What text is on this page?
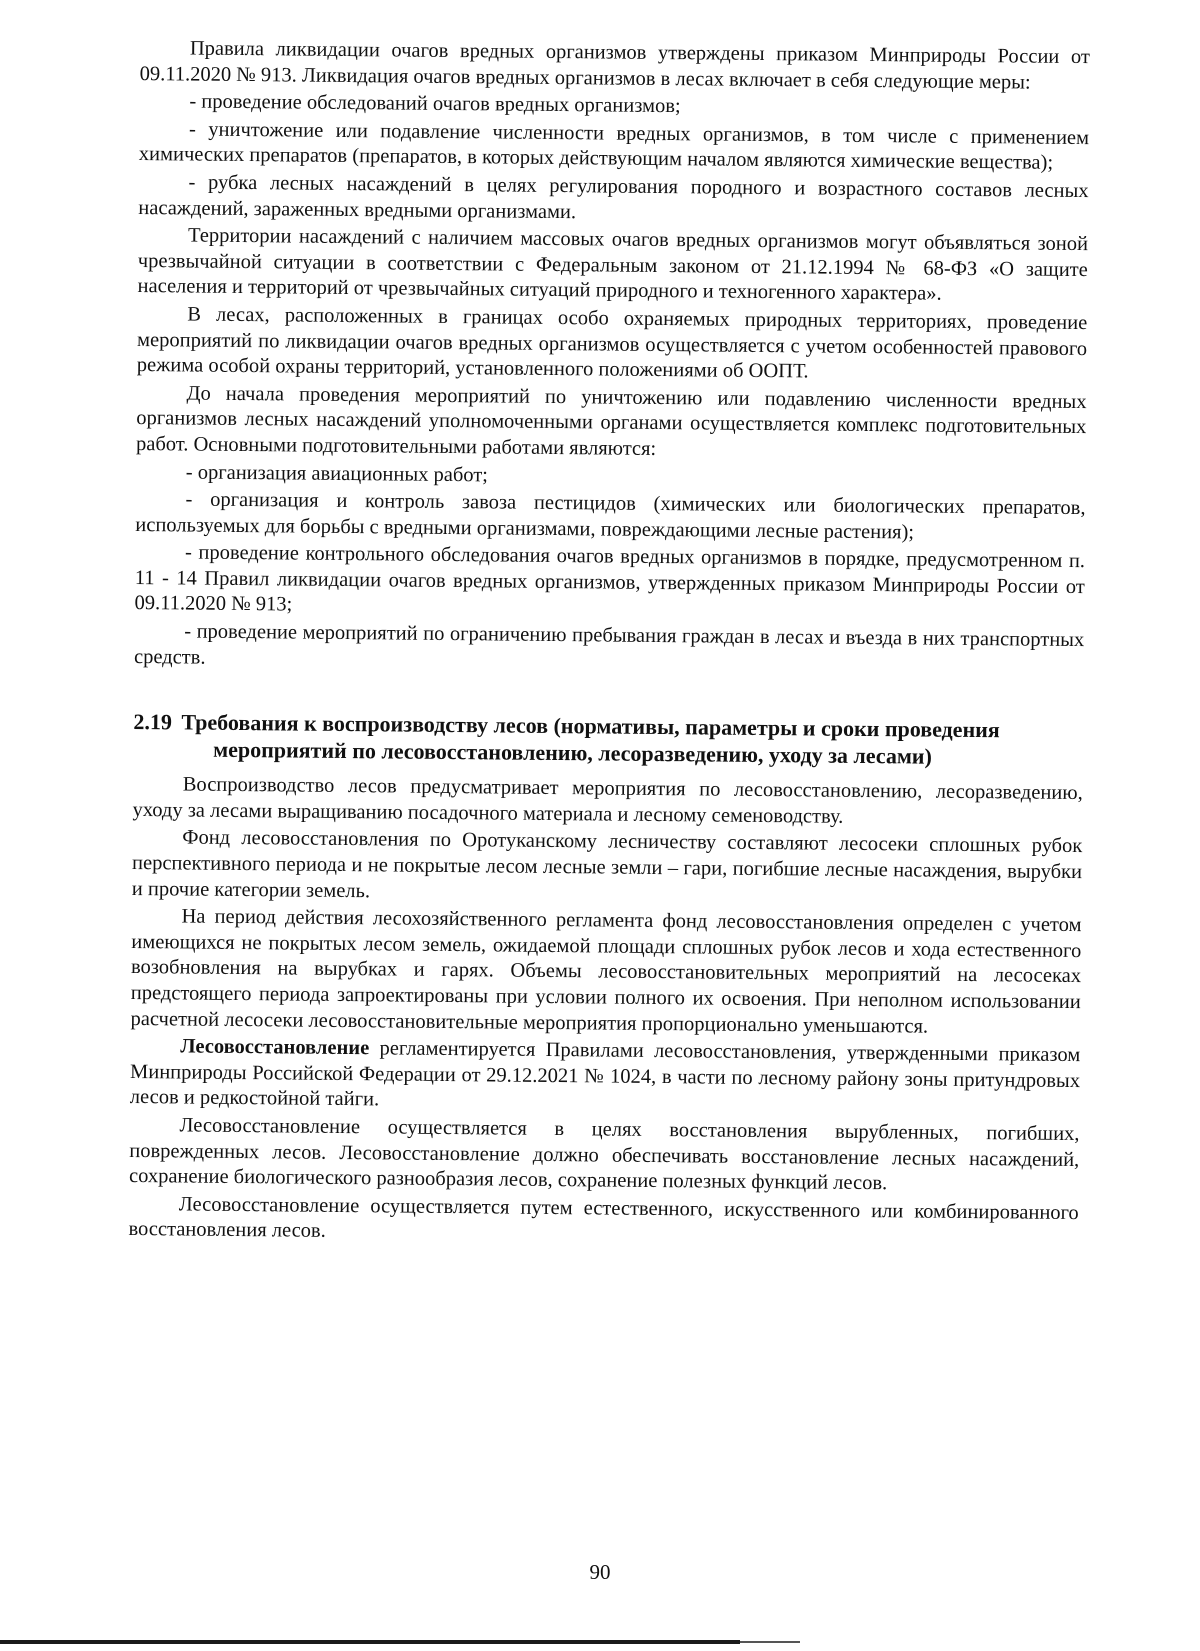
Правила ликвидации очагов вредных организмов утверждены приказом Минприроды России от 09.11.2020 № 913. Ликвидация очагов вредных организмов в лесах включает в себя следующие меры:

- проведение обследований очагов вредных организмов;

- уничтожение или подавление численности вредных организмов, в том числе с применением химических препаратов (препаратов, в которых действующим началом являются химические вещества);

- рубка лесных насаждений в целях регулирования породного и возрастного составов лесных насаждений, зараженных вредными организмами.

Территории насаждений с наличием массовых очагов вредных организмов могут объявляться зоной чрезвычайной ситуации в соответствии с Федеральным законом от 21.12.1994 № 68-ФЗ «О защите населения и территорий от чрезвычайных ситуаций природного и техногенного характера».

В лесах, расположенных в границах особо охраняемых природных территориях, проведение мероприятий по ликвидации очагов вредных организмов осуществляется с учетом особенностей правового режима особой охраны территорий, установленного положениями об ООПТ.

До начала проведения мероприятий по уничтожению или подавлению численности вредных организмов лесных насаждений уполномоченными органами осуществляется комплекс подготовительных работ. Основными подготовительными работами являются:

- организация авиационных работ;

- организация и контроль завоза пестицидов (химических или биологических препаратов, используемых для борьбы с вредными организмами, повреждающими лесные растения);

- проведение контрольного обследования очагов вредных организмов в порядке, предусмотренном п. 11 - 14 Правил ликвидации очагов вредных организмов, утвержденных приказом Минприроды России от 09.11.2020 № 913;

- проведение мероприятий по ограничению пребывания граждан в лесах и въезда в них транспортных средств.

2.19 Требования к воспроизводству лесов (нормативы, параметры и сроки проведения мероприятий по лесовосстановлению, лесоразведению, уходу за лесами)

Воспроизводство лесов предусматривает мероприятия по лесовосстановлению, лесоразведению, уходу за лесами выращиванию посадочного материала и лесному семеноводству.

Фонд лесовосстановления по Оротуканскому лесничеству составляют лесосеки сплошных рубок перспективного периода и не покрытые лесом лесные земли – гари, погибшие лесные насаждения, вырубки и прочие категории земель.

На период действия лесохозяйственного регламента фонд лесовосстановления определен с учетом имеющихся не покрытых лесом земель, ожидаемой площади сплошных рубок лесов и хода естественного возобновления на вырубках и гарях. Объемы лесовосстановительных мероприятий на лесосеках предстоящего периода запроектированы при условии полного их освоения. При неполном использовании расчетной лесосеки лесовосстановительные мероприятия пропорционально уменьшаются.

Лесовосстановление регламентируется Правилами лесовосстановления, утвержденными приказом Минприроды Российской Федерации от 29.12.2021 № 1024, в части по лесному району зоны притундровых лесов и редкостойной тайги.

Лесовосстановление осуществляется в целях восстановления вырубленных, погибших, поврежденных лесов. Лесовосстановление должно обеспечивать восстановление лесных насаждений, сохранение биологического разнообразия лесов, сохранение полезных функций лесов.

Лесовосстановление осуществляется путем естественного, искусственного или комбинированного восстановления лесов.

90
